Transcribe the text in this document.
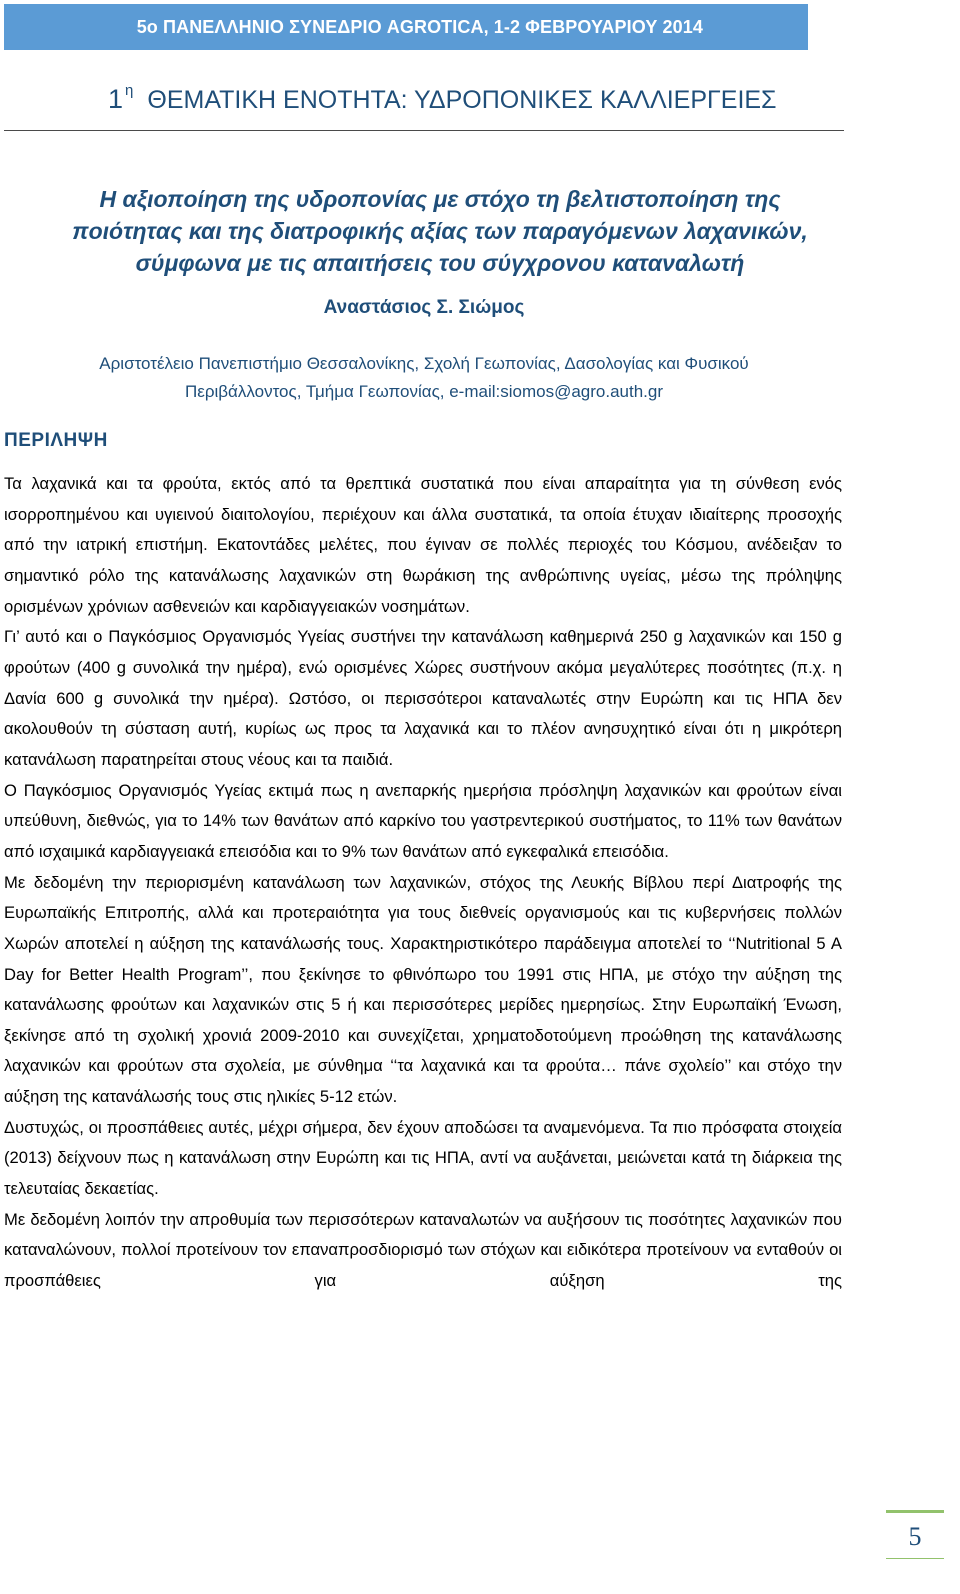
5ο ΠΑΝΕΛΛΗΝΙΟ ΣΥΝΕΔΡΙΟ AGROTICA, 1-2 ΦΕΒΡΟΥΑΡΙΟΥ 2014
1 $^\eta$ ΘΕΜΑΤΙΚΗ ΕΝΟΤΗΤΑ: ΥΔΡΟΠΟΝΙΚΕΣ ΚΑΛΛΙΕΡΓΕΙΕΣ
Η αξιοποίηση της υδροπονίας με στόχο τη βελτιστοποίηση της
ποιότητας και της διατροφικής αξίας των παραγόμενων λαχανικών,
σύμφωνα με τις απαιτήσεις του σύγχρονου καταναλωτή
Αναστάσιος Σ. Σιώμος
Αριστοτέλειο Πανεπιστήμιο Θεσσαλονίκης, Σχολή Γεωπονίας, Δασολογίας και Φυσικού
Περιβάλλοντος, Τμήμα Γεωπονίας, e-mail:siomos@agro.auth.gr
ΠΕΡΙΛΗΨΗ

Τα λαχανικά και τα φρούτα, εκτός από τα θρεπτικά συστατικά που είναι απαραίτητα για τη σύνθεση ενός ισορροπημένου και υγιεινού διαιτολογίου, περιέχουν και άλλα συστατικά, τα οποία έτυχαν ιδιαίτερης προσοχής από την ιατρική επιστήμη. Εκατοντάδες μελέτες, που έγιναν σε πολλές περιοχές του Κόσμου, ανέδειξαν το σημαντικό ρόλο της κατανάλωσης λαχανικών στη θωράκιση της ανθρώπινης υγείας, μέσω της πρόληψης ορισμένων χρόνιων ασθενειών και καρδιαγγειακών νοσημάτων.

Γι’ αυτό και ο Παγκόσμιος Οργανισμός Υγείας συστήνει την κατανάλωση καθημερινά 250 g λαχανικών και 150 g φρούτων (400 g συνολικά την ημέρα), ενώ ορισμένες Χώρες συστήνουν ακόμα μεγαλύτερες ποσότητες (π.χ. η Δανία 600 g συνολικά την ημέρα). Ωστόσο, οι περισσότεροι καταναλωτές στην Ευρώπη και τις ΗΠΑ δεν ακολουθούν τη σύσταση αυτή, κυρίως ως προς τα λαχανικά και το πλέον ανησυχητικό είναι ότι η μικρότερη κατανάλωση παρατηρείται στους νέους και τα παιδιά.

Ο Παγκόσμιος Οργανισμός Υγείας εκτιμά πως η ανεπαρκής ημερήσια πρόσληψη λαχανικών και φρούτων είναι υπεύθυνη, διεθνώς, για το 14% των θανάτων από καρκίνο του γαστρεντερικού συστήματος, το 11% των θανάτων από ισχαιμικά καρδιαγγειακά επεισόδια και το 9% των θανάτων από εγκεφαλικά επεισόδια.

Με δεδομένη την περιορισμένη κατανάλωση των λαχανικών, στόχος της Λευκής Βίβλου περί Διατροφής της Ευρωπαϊκής Επιτροπής, αλλά και προτεραιότητα για τους διεθνείς οργανισμούς και τις κυβερνήσεις πολλών Χωρών αποτελεί η αύξηση της κατανάλωσής τους. Χαρακτηριστικότερο παράδειγμα αποτελεί το ‘‘Nutritional 5 A Day for Better Health Program’’, που ξεκίνησε το φθινόπωρο του 1991 στις ΗΠΑ, με στόχο την αύξηση της κατανάλωσης φρούτων και λαχανικών στις 5 ή και περισσότερες μερίδες ημερησίως. Στην Ευρωπαϊκή Ένωση, ξεκίνησε από τη σχολική χρονιά 2009-2010 και συνεχίζεται, χρηματοδοτούμενη προώθηση της κατανάλωσης λαχανικών και φρούτων στα σχολεία, με σύνθημα ‘‘τα λαχανικά και τα φρούτα… πάνε σχολείο’’ και στόχο την αύξηση της κατανάλωσής τους στις ηλικίες 5-12 ετών.

Δυστυχώς, οι προσπάθειες αυτές, μέχρι σήμερα, δεν έχουν αποδώσει τα αναμενόμενα. Τα πιο πρόσφατα στοιχεία (2013) δείχνουν πως η κατανάλωση στην Ευρώπη και τις ΗΠΑ, αντί να αυξάνεται, μειώνεται κατά τη διάρκεια της τελευταίας δεκαετίας.

Με δεδομένη λοιπόν την απροθυμία των περισσότερων καταναλωτών να αυξήσουν τις ποσότητες λαχανικών που καταναλώνουν, πολλοί προτείνουν τον επαναπροσδιορισμό των στόχων και ειδικότερα προτείνουν να ενταθούν οι προσπάθειες για αύξηση της

5
